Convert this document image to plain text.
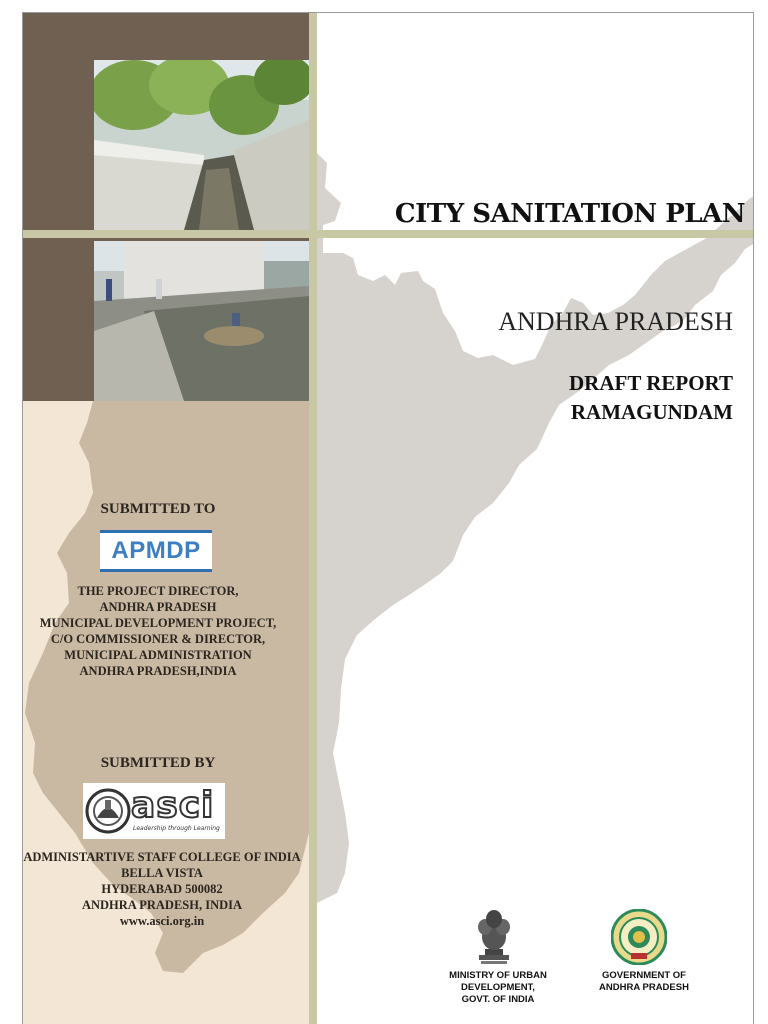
CITY SANITATION PLAN
ANDHRA PRADESH
DRAFT REPORT
RAMAGUNDAM
SUBMITTED TO
APMDP
THE PROJECT DIRECTOR,
ANDHRA PRADESH
MUNICIPAL DEVELOPMENT PROJECT,
C/O COMMISSIONER & DIRECTOR,
MUNICIPAL ADMINISTRATION
ANDHRA PRADESH,INDIA
SUBMITTED BY
asci
Leadership through Learning
ADMINISTARTIVE STAFF COLLEGE OF INDIA
BELLA VISTA
HYDERABAD 500082
ANDHRA PRADESH, INDIA
www.asci.org.in
MINISTRY OF URBAN
DEVELOPMENT,
GOVT. OF INDIA
GOVERNMENT OF
ANDHRA PRADESH
